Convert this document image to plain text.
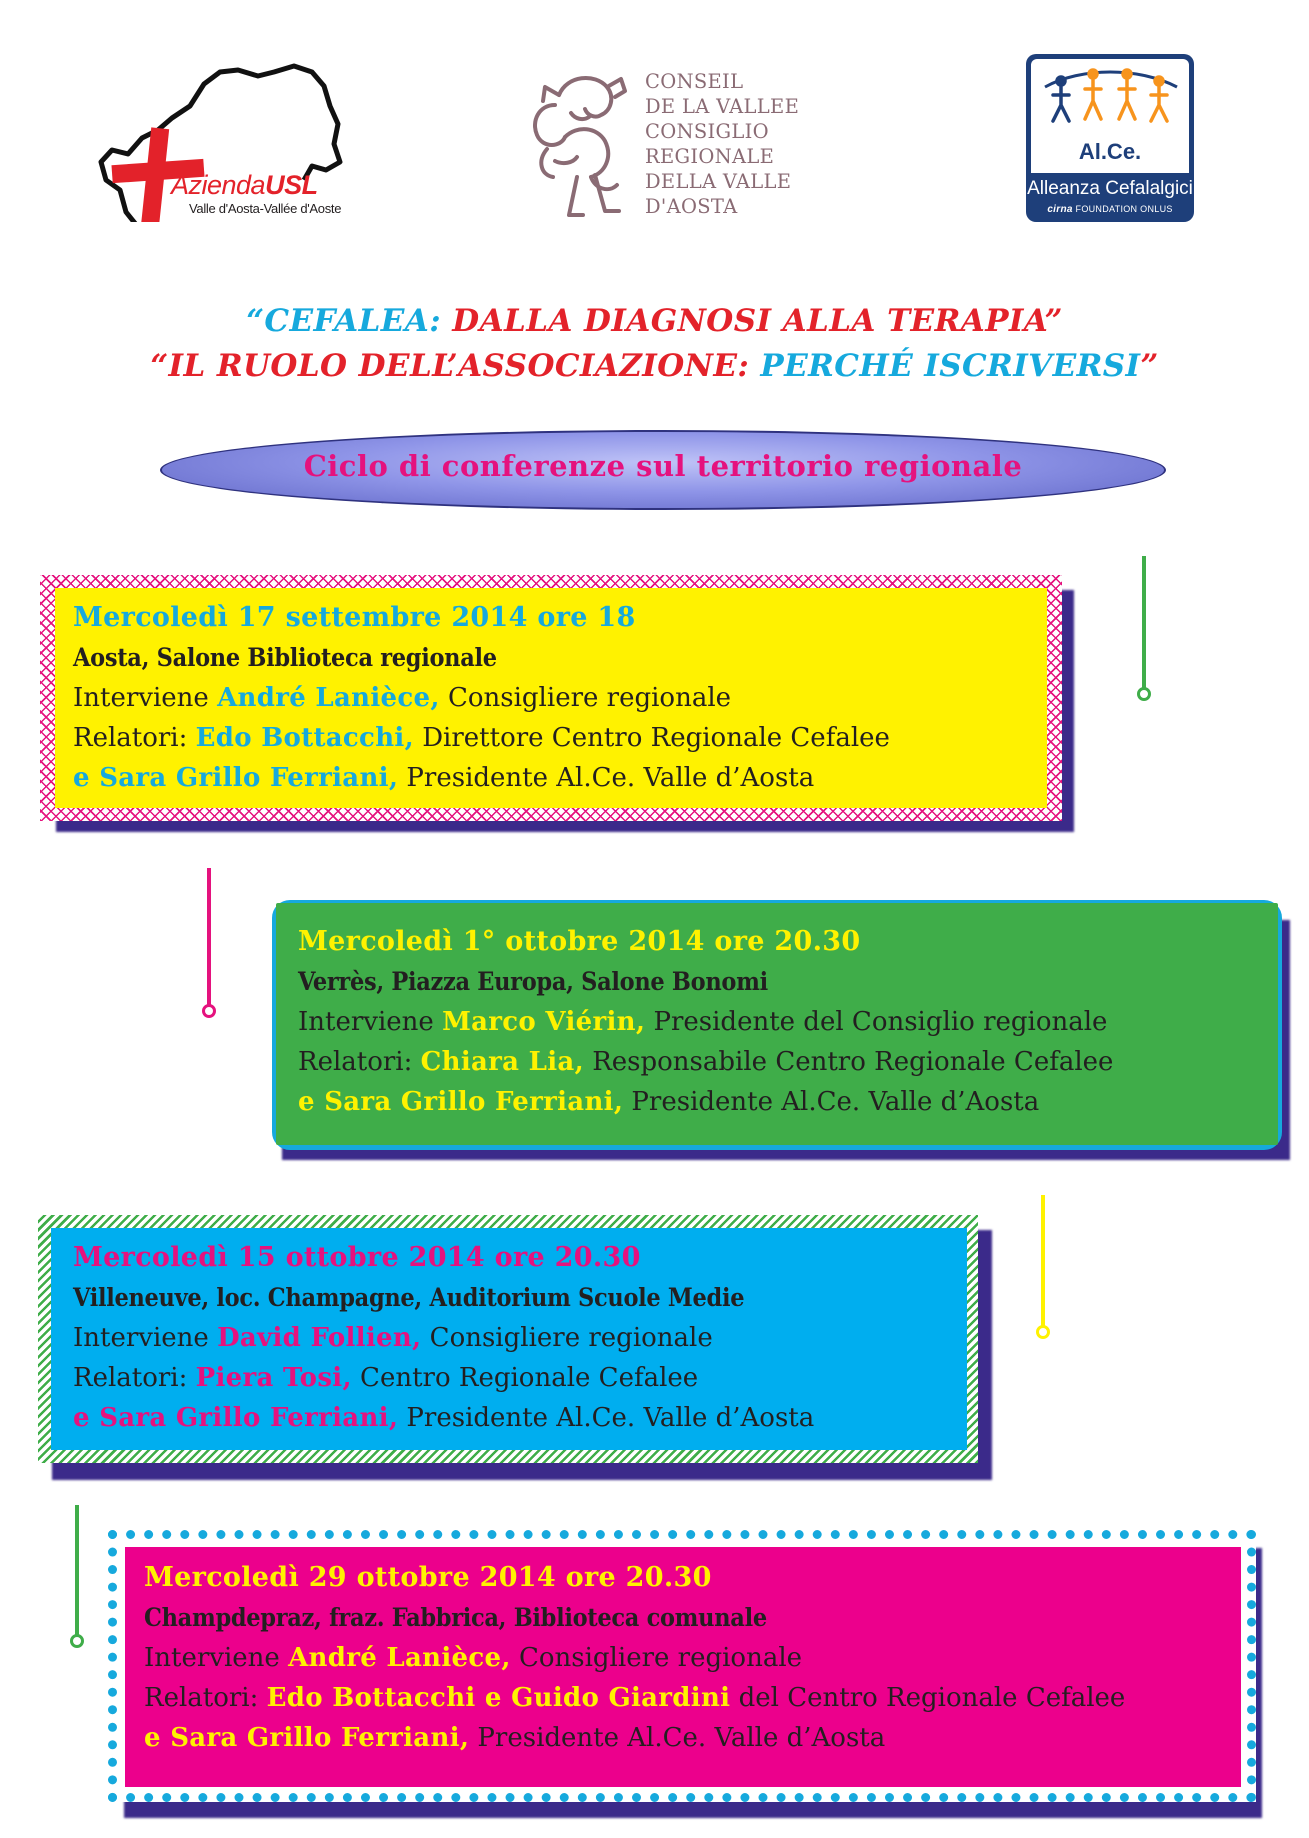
AziendaUSL
Valle d'Aosta-Vallée d'Aoste
CONSEIL
DE LA VALLEE
CONSIGLIO
REGIONALE
DELLA VALLE
D'AOSTA
Al.Ce.
Alleanza Cefalalgici
cirna FOUNDATION ONLUS
“CEFALEA: DALLA DIAGNOSI ALLA TERAPIA”
“IL RUOLO DELL’ASSOCIAZIONE: PERCHÉ ISCRIVERSI”
Ciclo di conferenze sul territorio regionale
Mercoledì 17 settembre 2014 ore 18
Aosta, Salone Biblioteca regionale
Interviene André Lanièce, Consigliere regionale
Relatori: Edo Bottacchi, Direttore Centro Regionale Cefalee
e Sara Grillo Ferriani, Presidente Al.Ce. Valle d’Aosta
Mercoledì 1° ottobre 2014 ore 20.30
Verrès, Piazza Europa, Salone Bonomi
Interviene Marco Viérin, Presidente del Consiglio regionale
Relatori: Chiara Lia, Responsabile Centro Regionale Cefalee
e Sara Grillo Ferriani, Presidente Al.Ce. Valle d’Aosta
Mercoledì 15 ottobre 2014 ore 20.30
Villeneuve, loc. Champagne, Auditorium Scuole Medie
Interviene David Follien, Consigliere regionale
Relatori: Piera Tosi, Centro Regionale Cefalee
e Sara Grillo Ferriani, Presidente Al.Ce. Valle d’Aosta
Mercoledì 29 ottobre 2014 ore 20.30
Champdepraz, fraz. Fabbrica, Biblioteca comunale
Interviene André Lanièce, Consigliere regionale
Relatori: Edo Bottacchi e Guido Giardini del Centro Regionale Cefalee
e Sara Grillo Ferriani, Presidente Al.Ce. Valle d’Aosta
